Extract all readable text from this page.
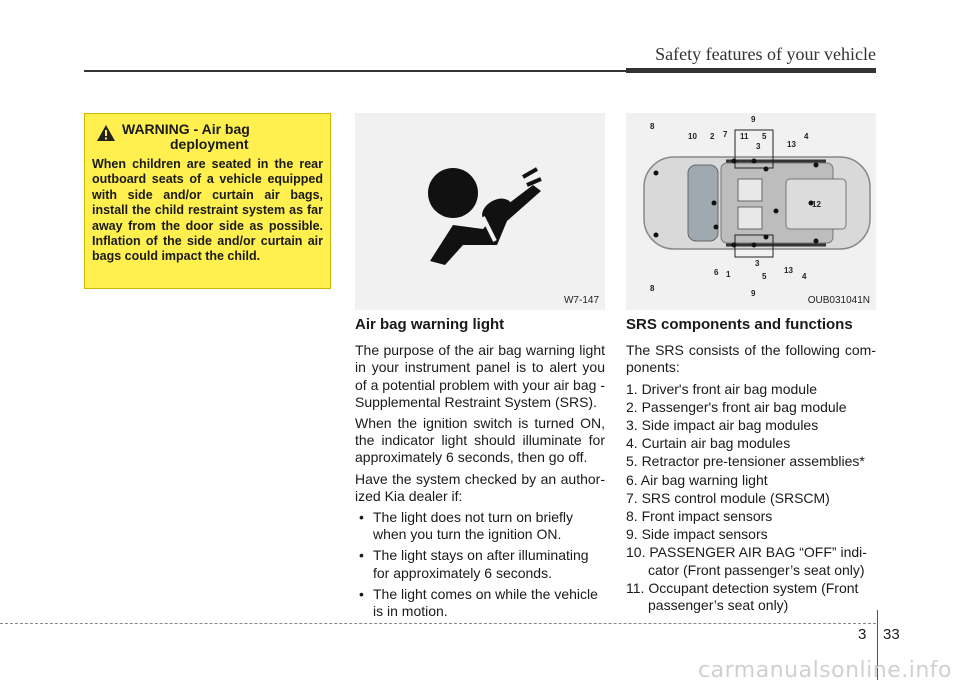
Safety features of your vehicle
WARNING - Air bag
deployment
When children are seated in the rear outboard seats of a vehicle equipped with side and/or curtain air bags, install the child restraint system as far away from the door side as possible. Inflation of the side and/or curtain air bags could impact the child.
W7-147
9
8
10 2 7 11 5
3	13
4
12
6 1
3
5
13
4
8
9
OUB031041N
Air bag warning light

The purpose of the air bag warning light in your instrument panel is to alert you of a potential problem with your air bag - Supplemental Restraint System (SRS).

When the ignition switch is turned ON, the indicator light should illuminate for approximately 6 seconds, then go off.

Have the system checked by an author-ized Kia dealer if:

• The light does not turn on briefly when you turn the ignition ON.
• The light stays on after illuminating for approximately 6 seconds.
• The light comes on while the vehicle is in motion.
SRS components and functions

The SRS consists of the following com-ponents:

1. Driver's front air bag module
2. Passenger's front air bag module
3. Side impact air bag modules
4. Curtain air bag modules
5. Retractor pre-tensioner assemblies*
6. Air bag warning light
7. SRS control module (SRSCM)
8. Front impact sensors
9. Side impact sensors
10. PASSENGER AIR BAG “OFF” indi-cator (Front passenger’s seat only)
11. Occupant detection system (Front passenger’s seat only)
3 33
carmanualsonline.info
